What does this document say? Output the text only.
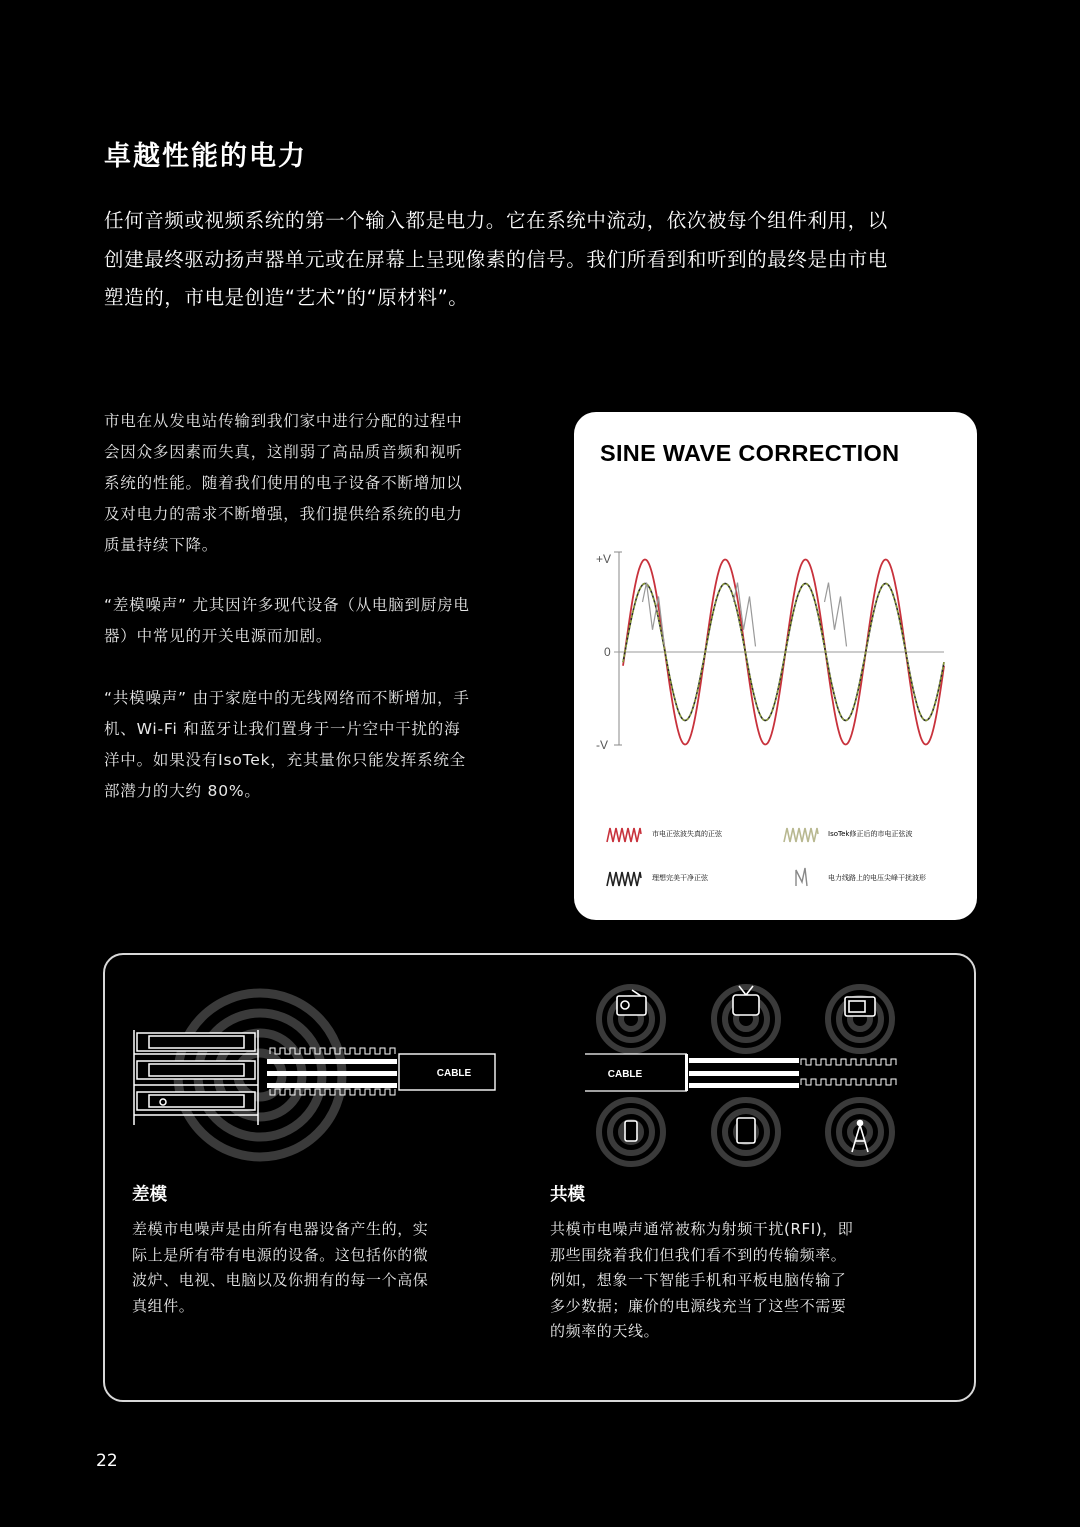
卓越性能的电力
任何音频或视频系统的第一个输入都是电力。它在系统中流动，依次被每个组件利用，以
创建最终驱动扬声器单元或在屏幕上呈现像素的信号。我们所看到和听到的最终是由市电
塑造的，市电是创造“艺术”的“原材料”。
市电在从发电站传输到我们家中进行分配的过程中
会因众多因素而失真，这削弱了高品质音频和视听
系统的性能。随着我们使用的电子设备不断增加以
及对电力的需求不断增强，我们提供给系统的电力
质量持续下降。
“差模噪声” 尤其因许多现代设备（从电脑到厨房电
器）中常见的开关电源而加剧。
“共模噪声” 由于家庭中的无线网络而不断增加，手
机、Wi-Fi 和蓝牙让我们置身于一片空中干扰的海
洋中。如果没有IsoTek，充其量你只能发挥系统全
部潜力的大约 80%。
SINE WAVE CORRECTION
+V
0
-V
市电正弦波失真的正弦	IsoTek修正后的市电正弦波
理想完美干净正弦	电力线路上的电压尖峰干扰波形
CABLE	CABLE
差模
差模市电噪声是由所有电器设备产生的，实
际上是所有带有电源的设备。这包括你的微
波炉、电视、电脑以及你拥有的每一个高保
真组件。
共模
共模市电噪声通常被称为射频干扰(RFI)，即
那些围绕着我们但我们看不到的传输频率。
例如，想象一下智能手机和平板电脑传输了
多少数据；廉价的电源线充当了这些不需要
的频率的天线。
22
